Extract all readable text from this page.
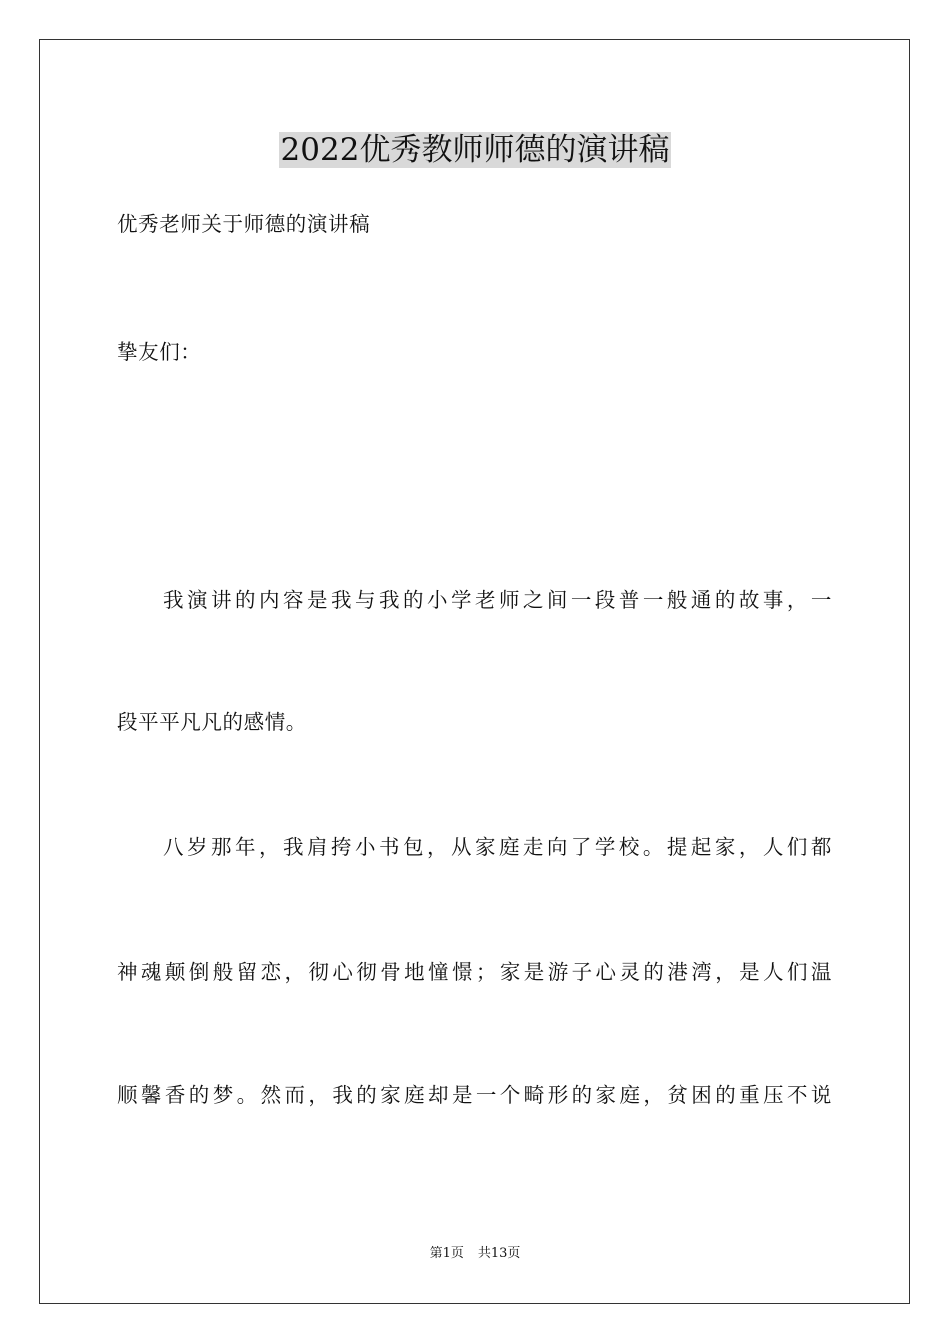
2022优秀教师师德的演讲稿
优秀老师关于师德的演讲稿
挚友们：
我演讲的内容是我与我的小学老师之间一段普一般通的故事，一
段平平凡凡的感情。
八岁那年，我肩挎小书包，从家庭走向了学校。提起家，人们都
神魂颠倒般留恋，彻心彻骨地憧憬；家是游子心灵的港湾，是人们温
顺馨香的梦。然而，我的家庭却是一个畸形的家庭，贫困的重压不说
第1页 共13页
